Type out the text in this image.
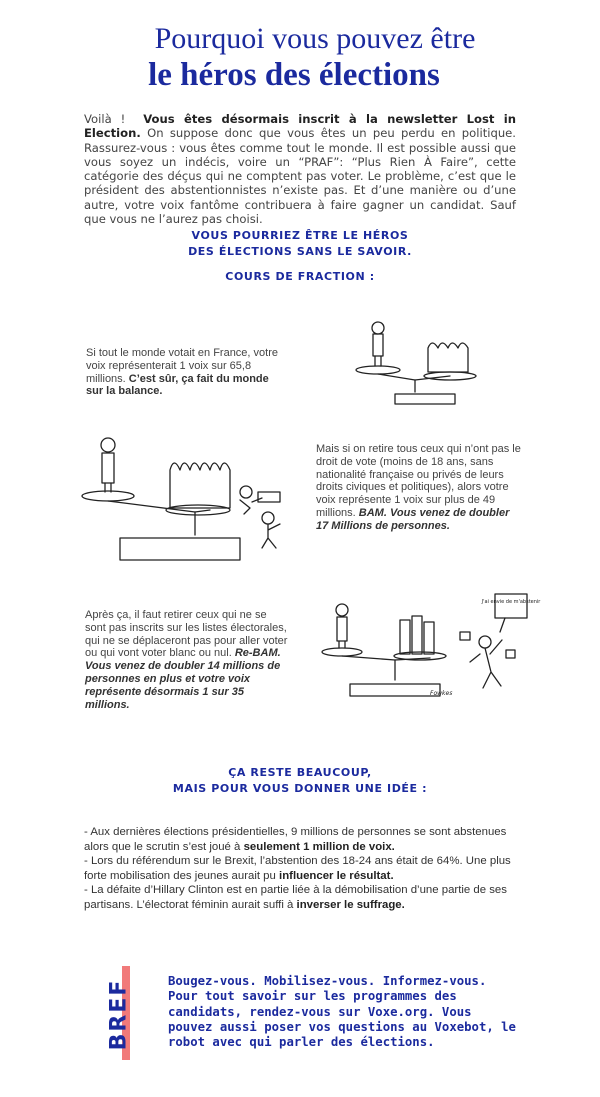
Pourquoi vous pouvez être
le héros des élections
Voilà ! Vous êtes désormais inscrit à la newsletter Lost in Election. On suppose donc que vous êtes un peu perdu en politique. Rassurez-vous : vous êtes comme tout le monde. Il est possible aussi que vous soyez un indécis, voire un “PRAF”: “Plus Rien À Faire”, cette catégorie des déçus qui ne comptent pas voter. Le problème, c’est que le président des abstentionnistes n’existe pas. Et d’une manière ou d’une autre, votre voix fantôme contribuera à faire gagner un candidat. Sauf que vous ne l’aurez pas choisi.
VOUS POURRIEZ ÊTRE LE HÉROS
DES ÉLECTIONS SANS LE SAVOIR.
COURS DE FRACTION :
Si tout le monde votait en France, votre voix représenterait 1 voix sur 65,8 millions. C’est sûr, ça fait du monde sur la balance.
Mais si on retire tous ceux qui n’ont pas le droit de vote (moins de 18 ans, sans nationalité française ou privés de leurs droits civiques et politiques), alors votre voix représente 1 voix sur plus de 49 millions. BAM. Vous venez de doubler 17 Millions de personnes.
Après ça, il faut retirer ceux qui ne se sont pas inscrits sur les listes électorales, qui ne se déplaceront pas pour aller voter ou qui vont voter blanc ou nul. Re-BAM. Vous venez de doubler 14 millions de personnes en plus et votre voix représente désormais 1 sur 35 millions.
J'ai envie de m'abstenir
Fowkes
ÇA RESTE BEAUCOUP,
MAIS POUR VOUS DONNER UNE IDÉE :
- Aux dernières élections présidentielles, 9 millions de personnes se sont abstenues alors que le scrutin s’est joué à seulement 1 million de voix.
- Lors du référendum sur le Brexit, l’abstention des 18-24 ans était de 64%. Une plus forte mobilisation des jeunes aurait pu influencer le résultat.
- La défaite d’Hillary Clinton est en partie liée à la démobilisation d’une partie de ses partisans. L’électorat féminin aurait suffi à inverser le suffrage.
BREF	Bougez-vous. Mobilisez-vous. Informez-vous. Pour tout savoir sur les programmes des candidats, rendez-vous sur Voxe.org. Vous pouvez aussi poser vos questions au Voxebot, le robot avec qui parler des élections.
